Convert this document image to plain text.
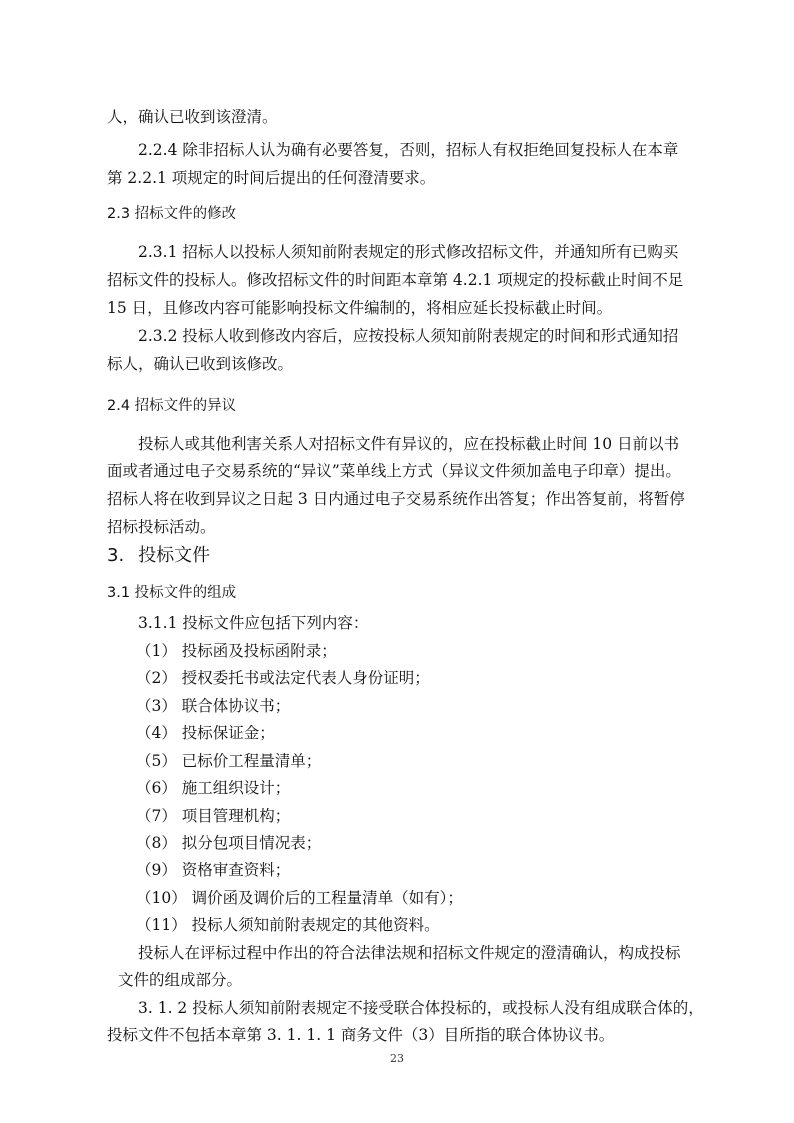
人，确认已收到该澄清。
2.2.4 除非招标人认为确有必要答复，否则，招标人有权拒绝回复投标人在本章
第 2.2.1 项规定的时间后提出的任何澄清要求。
2.3 招标文件的修改
2.3.1 招标人以投标人须知前附表规定的形式修改招标文件，并通知所有已购买
招标文件的投标人。修改招标文件的时间距本章第 4.2.1 项规定的投标截止时间不足
15 日，且修改内容可能影响投标文件编制的，将相应延长投标截止时间。
2.3.2 投标人收到修改内容后，应按投标人须知前附表规定的时间和形式通知招
标人，确认已收到该修改。
2.4 招标文件的异议
投标人或其他利害关系人对招标文件有异议的，应在投标截止时间 10 日前以书
面或者通过电子交易系统的“异议”菜单线上方式（异议文件须加盖电子印章）提出。
招标人将在收到异议之日起 3 日内通过电子交易系统作出答复；作出答复前，将暂停
招标投标活动。
3. 投标文件
3.1 投标文件的组成
3.1.1 投标文件应包括下列内容：
（1） 投标函及投标函附录；
（2） 授权委托书或法定代表人身份证明；
（3） 联合体协议书；
（4） 投标保证金；
（5） 已标价工程量清单；
（6） 施工组织设计；
（7） 项目管理机构；
（8） 拟分包项目情况表；
（9） 资格审查资料；
（10） 调价函及调价后的工程量清单（如有）；
（11） 投标人须知前附表规定的其他资料。
投标人在评标过程中作出的符合法律法规和招标文件规定的澄清确认，构成投标
文件的组成部分。
3. 1. 2 投标人须知前附表规定不接受联合体投标的，或投标人没有组成联合体的，
投标文件不包括本章第 3. 1. 1. 1 商务文件（3）目所指的联合体协议书。
23
